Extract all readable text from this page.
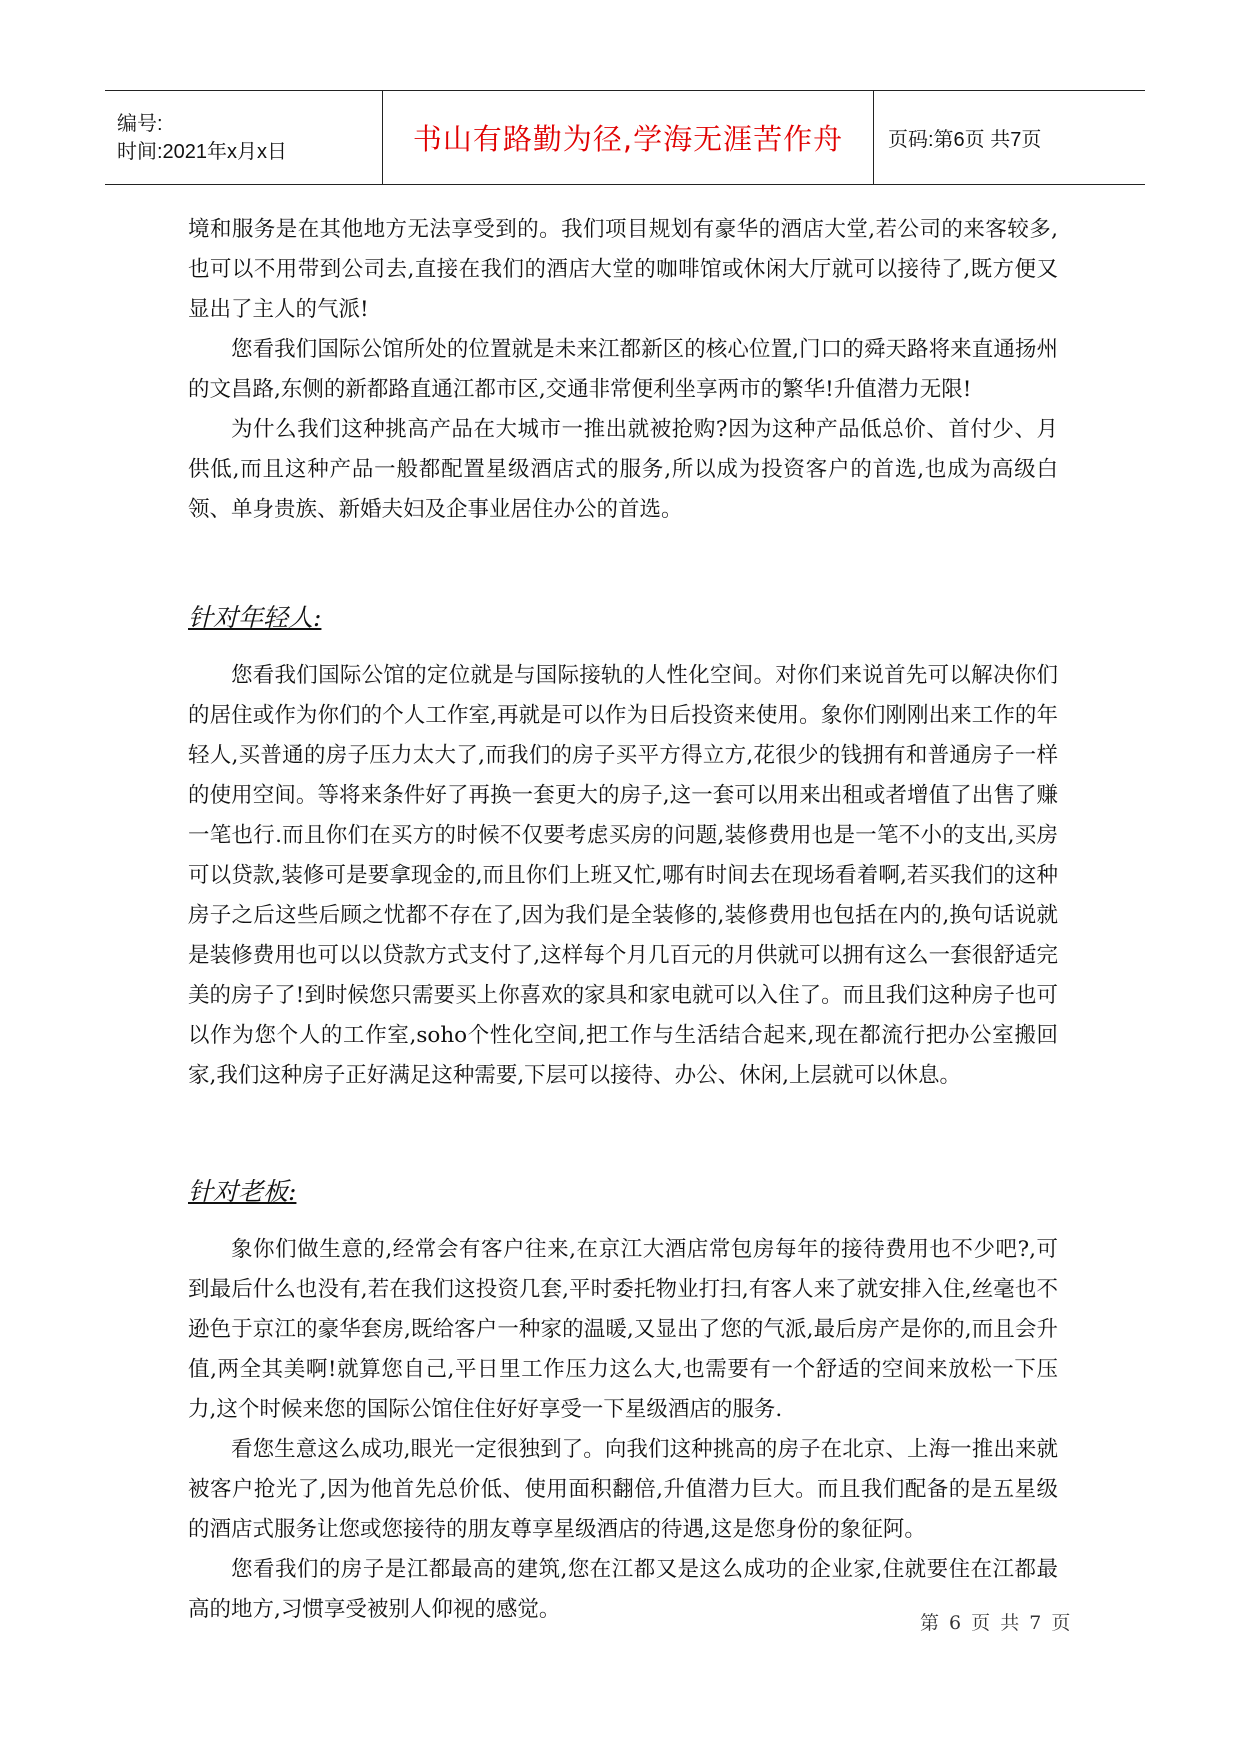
编号:
时间:2021年x月x日	书山有路勤为径,学海无涯苦作舟	页码:第6页 共7页

境和服务是在其他地方无法享受到的。我们项目规划有豪华的酒店大堂,若公司的来客较多,也可以不用带到公司去,直接在我们的酒店大堂的咖啡馆或休闲大厅就可以接待了,既方便又显出了主人的气派!

您看我们国际公馆所处的位置就是未来江都新区的核心位置,门口的舜天路将来直通扬州的文昌路,东侧的新都路直通江都市区,交通非常便利坐享两市的繁华!升值潜力无限!

为什么我们这种挑高产品在大城市一推出就被抢购?因为这种产品低总价、首付少、月供低,而且这种产品一般都配置星级酒店式的服务,所以成为投资客户的首选,也成为高级白领、单身贵族、新婚夫妇及企事业居住办公的首选。

针对年轻人:

您看我们国际公馆的定位就是与国际接轨的人性化空间。对你们来说首先可以解决你们的居住或作为你们的个人工作室,再就是可以作为日后投资来使用。象你们刚刚出来工作的年轻人,买普通的房子压力太大了,而我们的房子买平方得立方,花很少的钱拥有和普通房子一样的使用空间。等将来条件好了再换一套更大的房子,这一套可以用来出租或者增值了出售了赚一笔也行.而且你们在买方的时候不仅要考虑买房的问题,装修费用也是一笔不小的支出,买房可以贷款,装修可是要拿现金的,而且你们上班又忙,哪有时间去在现场看着啊,若买我们的这种房子之后这些后顾之忧都不存在了,因为我们是全装修的,装修费用也包括在内的,换句话说就是装修费用也可以以贷款方式支付了,这样每个月几百元的月供就可以拥有这么一套很舒适完美的房子了!到时候您只需要买上你喜欢的家具和家电就可以入住了。而且我们这种房子也可以作为您个人的工作室,soho个性化空间,把工作与生活结合起来,现在都流行把办公室搬回家,我们这种房子正好满足这种需要,下层可以接待、办公、休闲,上层就可以休息。

针对老板:

象你们做生意的,经常会有客户往来,在京江大酒店常包房每年的接待费用也不少吧?,可到最后什么也没有,若在我们这投资几套,平时委托物业打扫,有客人来了就安排入住,丝毫也不逊色于京江的豪华套房,既给客户一种家的温暖,又显出了您的气派,最后房产是你的,而且会升值,两全其美啊!就算您自己,平日里工作压力这么大,也需要有一个舒适的空间来放松一下压力,这个时候来您的国际公馆住住好好享受一下星级酒店的服务.

看您生意这么成功,眼光一定很独到了。向我们这种挑高的房子在北京、上海一推出来就被客户抢光了,因为他首先总价低、使用面积翻倍,升值潜力巨大。而且我们配备的是五星级的酒店式服务让您或您接待的朋友尊享星级酒店的待遇,这是您身份的象征阿。

您看我们的房子是江都最高的建筑,您在江都又是这么成功的企业家,住就要住在江都最高的地方,习惯享受被别人仰视的感觉。

第 6 页 共 7 页
